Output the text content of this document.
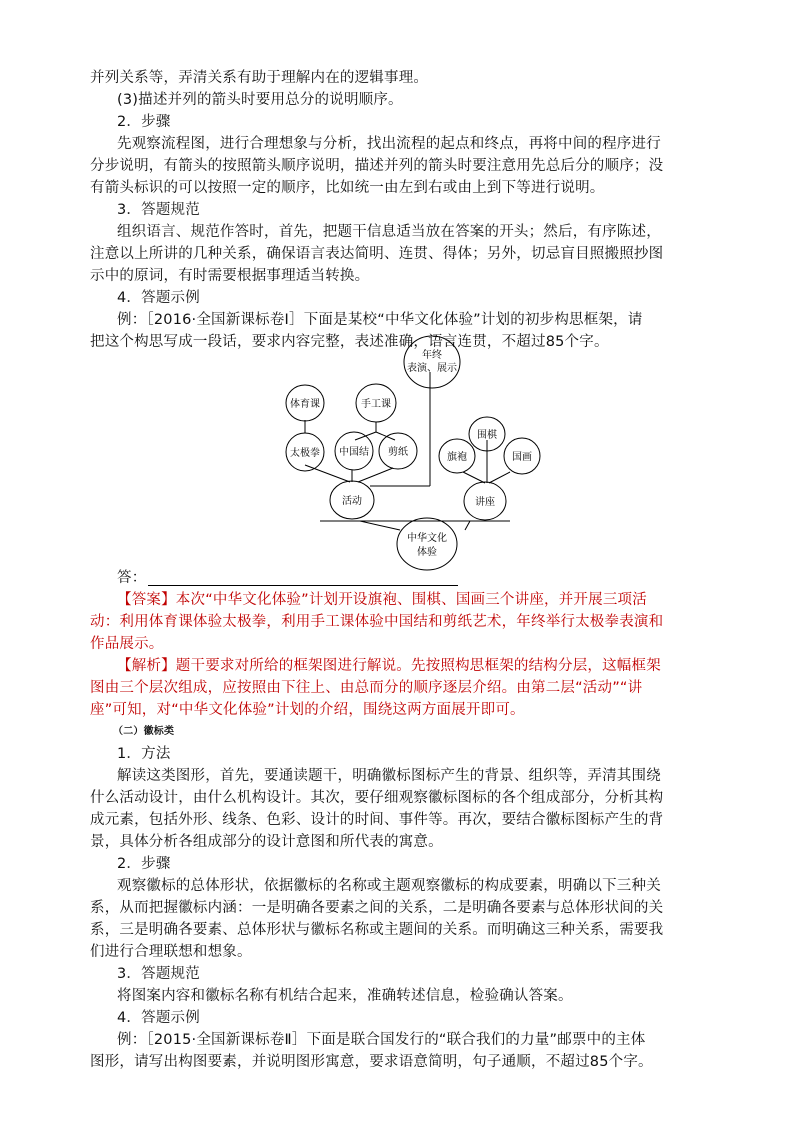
并列关系等，弄清关系有助于理解内在的逻辑事理。
(3)描述并列的箭头时要用总分的说明顺序。
2．步骤
先观察流程图，进行合理想象与分析，找出流程的起点和终点，再将中间的程序进行
分步说明，有箭头的按照箭头顺序说明，描述并列的箭头时要注意用先总后分的顺序；没
有箭头标识的可以按照一定的顺序，比如统一由左到右或由上到下等进行说明。
3．答题规范
组织语言、规范作答时，首先，把题干信息适当放在答案的开头；然后，有序陈述，
注意以上所讲的几种关系，确保语言表达简明、连贯、得体；另外，切忌盲目照搬照抄图
示中的原词，有时需要根据事理适当转换。
4．答题示例
例：［2016·全国新课标卷Ⅰ］下面是某校“中华文化体验”计划的初步构思框架，请
把这个构思写成一段话，要求内容完整，表述准确，语言连贯，不超过85个字。
年终
表演、展示
手工课
体育课
太极拳 中国结 剪纸
活动
围棋
旗袍	国画
讲座
中华文化
体验
答：
【答案】本次“中华文化体验”计划开设旗袍、围棋、国画三个讲座，并开展三项活
动：利用体育课体验太极拳，利用手工课体验中国结和剪纸艺术，年终举行太极拳表演和
作品展示。
【解析】题干要求对所给的框架图进行解说。先按照构思框架的结构分层，这幅框架
图由三个层次组成，应按照由下往上、由总而分的顺序逐层介绍。由第二层“活动”“讲
座”可知，对“中华文化体验”计划的介绍，围绕这两方面展开即可。
（二）徽标类
1．方法
解读这类图形，首先，要通读题干，明确徽标图标产生的背景、组织等，弄清其围绕
什么活动设计，由什么机构设计。其次，要仔细观察徽标图标的各个组成部分，分析其构
成元素，包括外形、线条、色彩、设计的时间、事件等。再次，要结合徽标图标产生的背
景，具体分析各组成部分的设计意图和所代表的寓意。
2．步骤
观察徽标的总体形状，依据徽标的名称或主题观察徽标的构成要素，明确以下三种关
系，从而把握徽标内涵：一是明确各要素之间的关系，二是明确各要素与总体形状间的关
系，三是明确各要素、总体形状与徽标名称或主题间的关系。而明确这三种关系，需要我
们进行合理联想和想象。
3．答题规范
将图案内容和徽标名称有机结合起来，准确转述信息，检验确认答案。
4．答题示例
例：［2015·全国新课标卷Ⅱ］下面是联合国发行的“联合我们的力量”邮票中的主体
图形，请写出构图要素，并说明图形寓意，要求语意简明，句子通顺，不超过85个字。
